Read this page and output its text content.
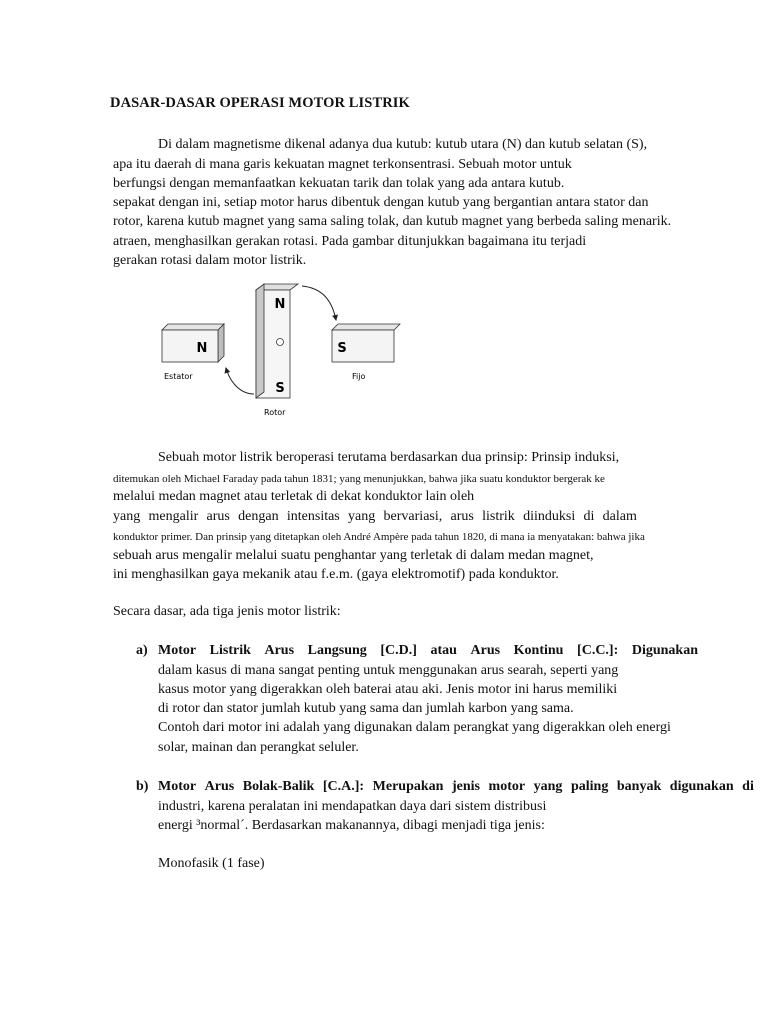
DASAR-DASAR OPERASI MOTOR LISTRIK
Di dalam magnetisme dikenal adanya dua kutub: kutub utara (N) dan kutub selatan (S),
apa itu daerah di mana garis kekuatan magnet terkonsentrasi. Sebuah motor untuk
berfungsi dengan memanfaatkan kekuatan tarik dan tolak yang ada antara kutub.
sepakat dengan ini, setiap motor harus dibentuk dengan kutub yang bergantian antara stator dan
rotor, karena kutub magnet yang sama saling tolak, dan kutub magnet yang berbeda saling menarik.
atraen, menghasilkan gerakan rotasi. Pada gambar ditunjukkan bagaimana itu terjadi
gerakan rotasi dalam motor listrik.
N
N
S
S
Estator
Rotor
Fijo
Sebuah motor listrik beroperasi terutama berdasarkan dua prinsip: Prinsip induksi,
ditemukan oleh Michael Faraday pada tahun 1831; yang menunjukkan, bahwa jika suatu konduktor bergerak ke
melalui medan magnet atau terletak di dekat konduktor lain oleh
yang mengalir arus dengan intensitas yang bervariasi, arus listrik diinduksi di dalam
konduktor primer. Dan prinsip yang ditetapkan oleh André Ampère pada tahun 1820, di mana ia menyatakan: bahwa jika
sebuah arus mengalir melalui suatu penghantar yang terletak di dalam medan magnet,
ini menghasilkan gaya mekanik atau f.e.m. (gaya elektromotif) pada konduktor.
Secara dasar, ada tiga jenis motor listrik:
a) Motor Listrik Arus Langsung [C.D.] atau Arus Kontinu [C.C.]: Digunakan
dalam kasus di mana sangat penting untuk menggunakan arus searah, seperti yang
kasus motor yang digerakkan oleh baterai atau aki. Jenis motor ini harus memiliki
di rotor dan stator jumlah kutub yang sama dan jumlah karbon yang sama.
Contoh dari motor ini adalah yang digunakan dalam perangkat yang digerakkan oleh energi
solar, mainan dan perangkat seluler.
b) Motor Arus Bolak-Balik [C.A.]: Merupakan jenis motor yang paling banyak digunakan di
industri, karena peralatan ini mendapatkan daya dari sistem distribusi
energi ³normal´. Berdasarkan makanannya, dibagi menjadi tiga jenis:
Monofasik (1 fase)
